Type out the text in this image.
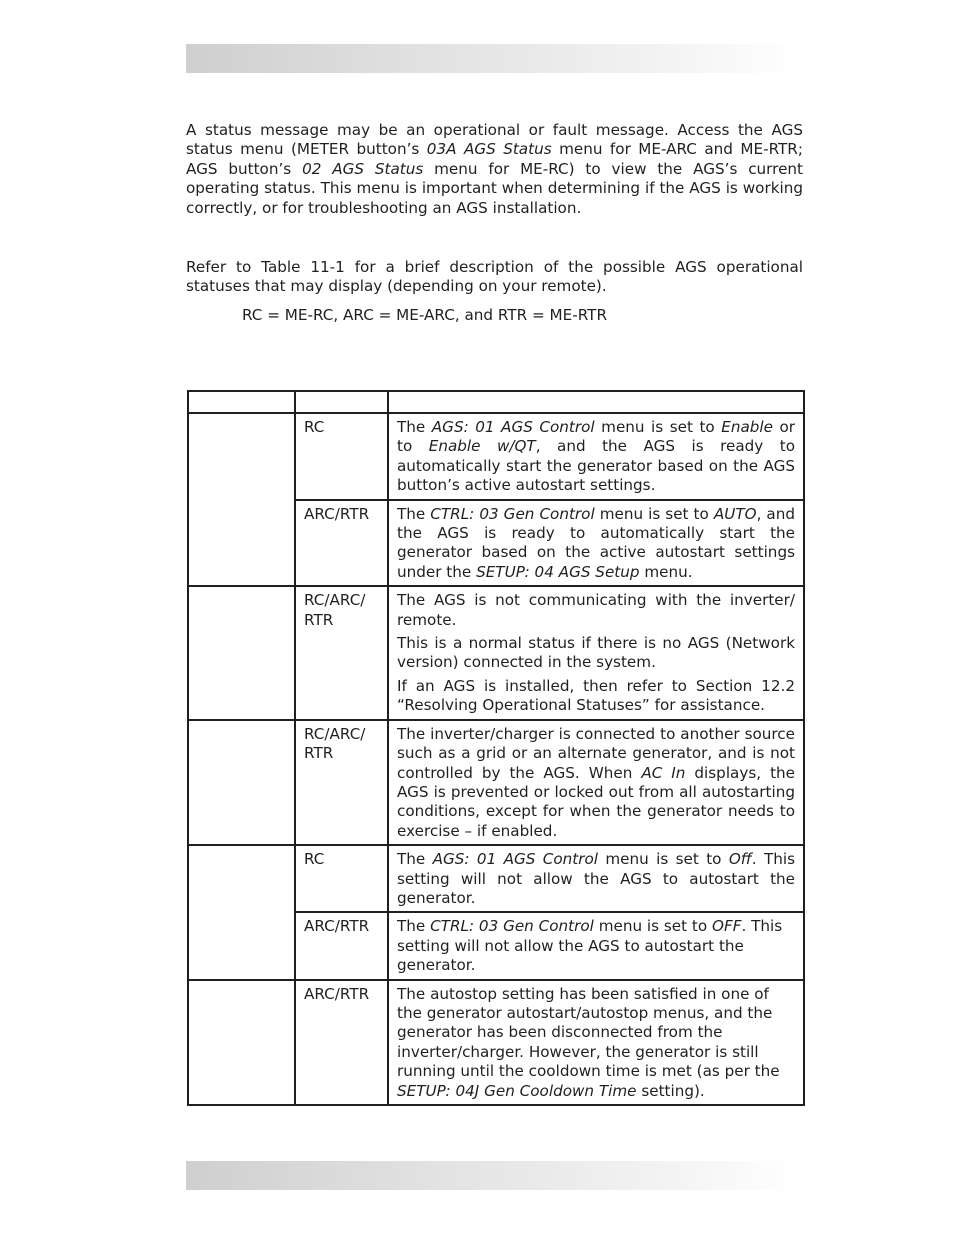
A status message may be an operational or fault message. Access the AGS status menu (METER button’s 03A AGS Status menu for ME-ARC and ME-RTR; AGS button’s 02 AGS Status menu for ME-RC) to view the AGS’s current operating status. This menu is important when determining if the AGS is working correctly, or for troubleshooting an AGS installation.

Refer to Table 11-1 for a brief description of the possible AGS operational statuses that may display (depending on your remote).

RC = ME-RC, ARC = ME-ARC, and RTR = ME-RTR

	RC	The AGS: 01 AGS Control menu is set to Enable or to Enable w/QT, and the AGS is ready to automatically start the generator based on the AGS button’s active autostart settings.

	ARC/RTR	The CTRL: 03 Gen Control menu is set to AUTO, and the AGS is ready to automatically start the generator based on the active autostart settings under the SETUP: 04 AGS Setup menu.

	RC/ARC/ RTR	The AGS is not communicating with the inverter/ remote.

This is a normal status if there is no AGS (Network version) connected in the system.

If an AGS is installed, then refer to Section 12.2 “Resolving Operational Statuses” for assistance.

	RC/ARC/ RTR	The inverter/charger is connected to another source such as a grid or an alternate generator, and is not controlled by the AGS. When AC In displays, the AGS is prevented or locked out from all autostarting conditions, except for when the generator needs to exercise – if enabled.

	RC	The AGS: 01 AGS Control menu is set to Off. This setting will not allow the AGS to autostart the generator.

	ARC/RTR	The CTRL: 03 Gen Control menu is set to OFF. This setting will not allow the AGS to autostart the generator.

	ARC/RTR	The autostop setting has been satisfied in one of the generator autostart/autostop menus, and the generator has been disconnected from the inverter/charger. However, the generator is still running until the cooldown time is met (as per the SETUP: 04J Gen Cooldown Time setting).
